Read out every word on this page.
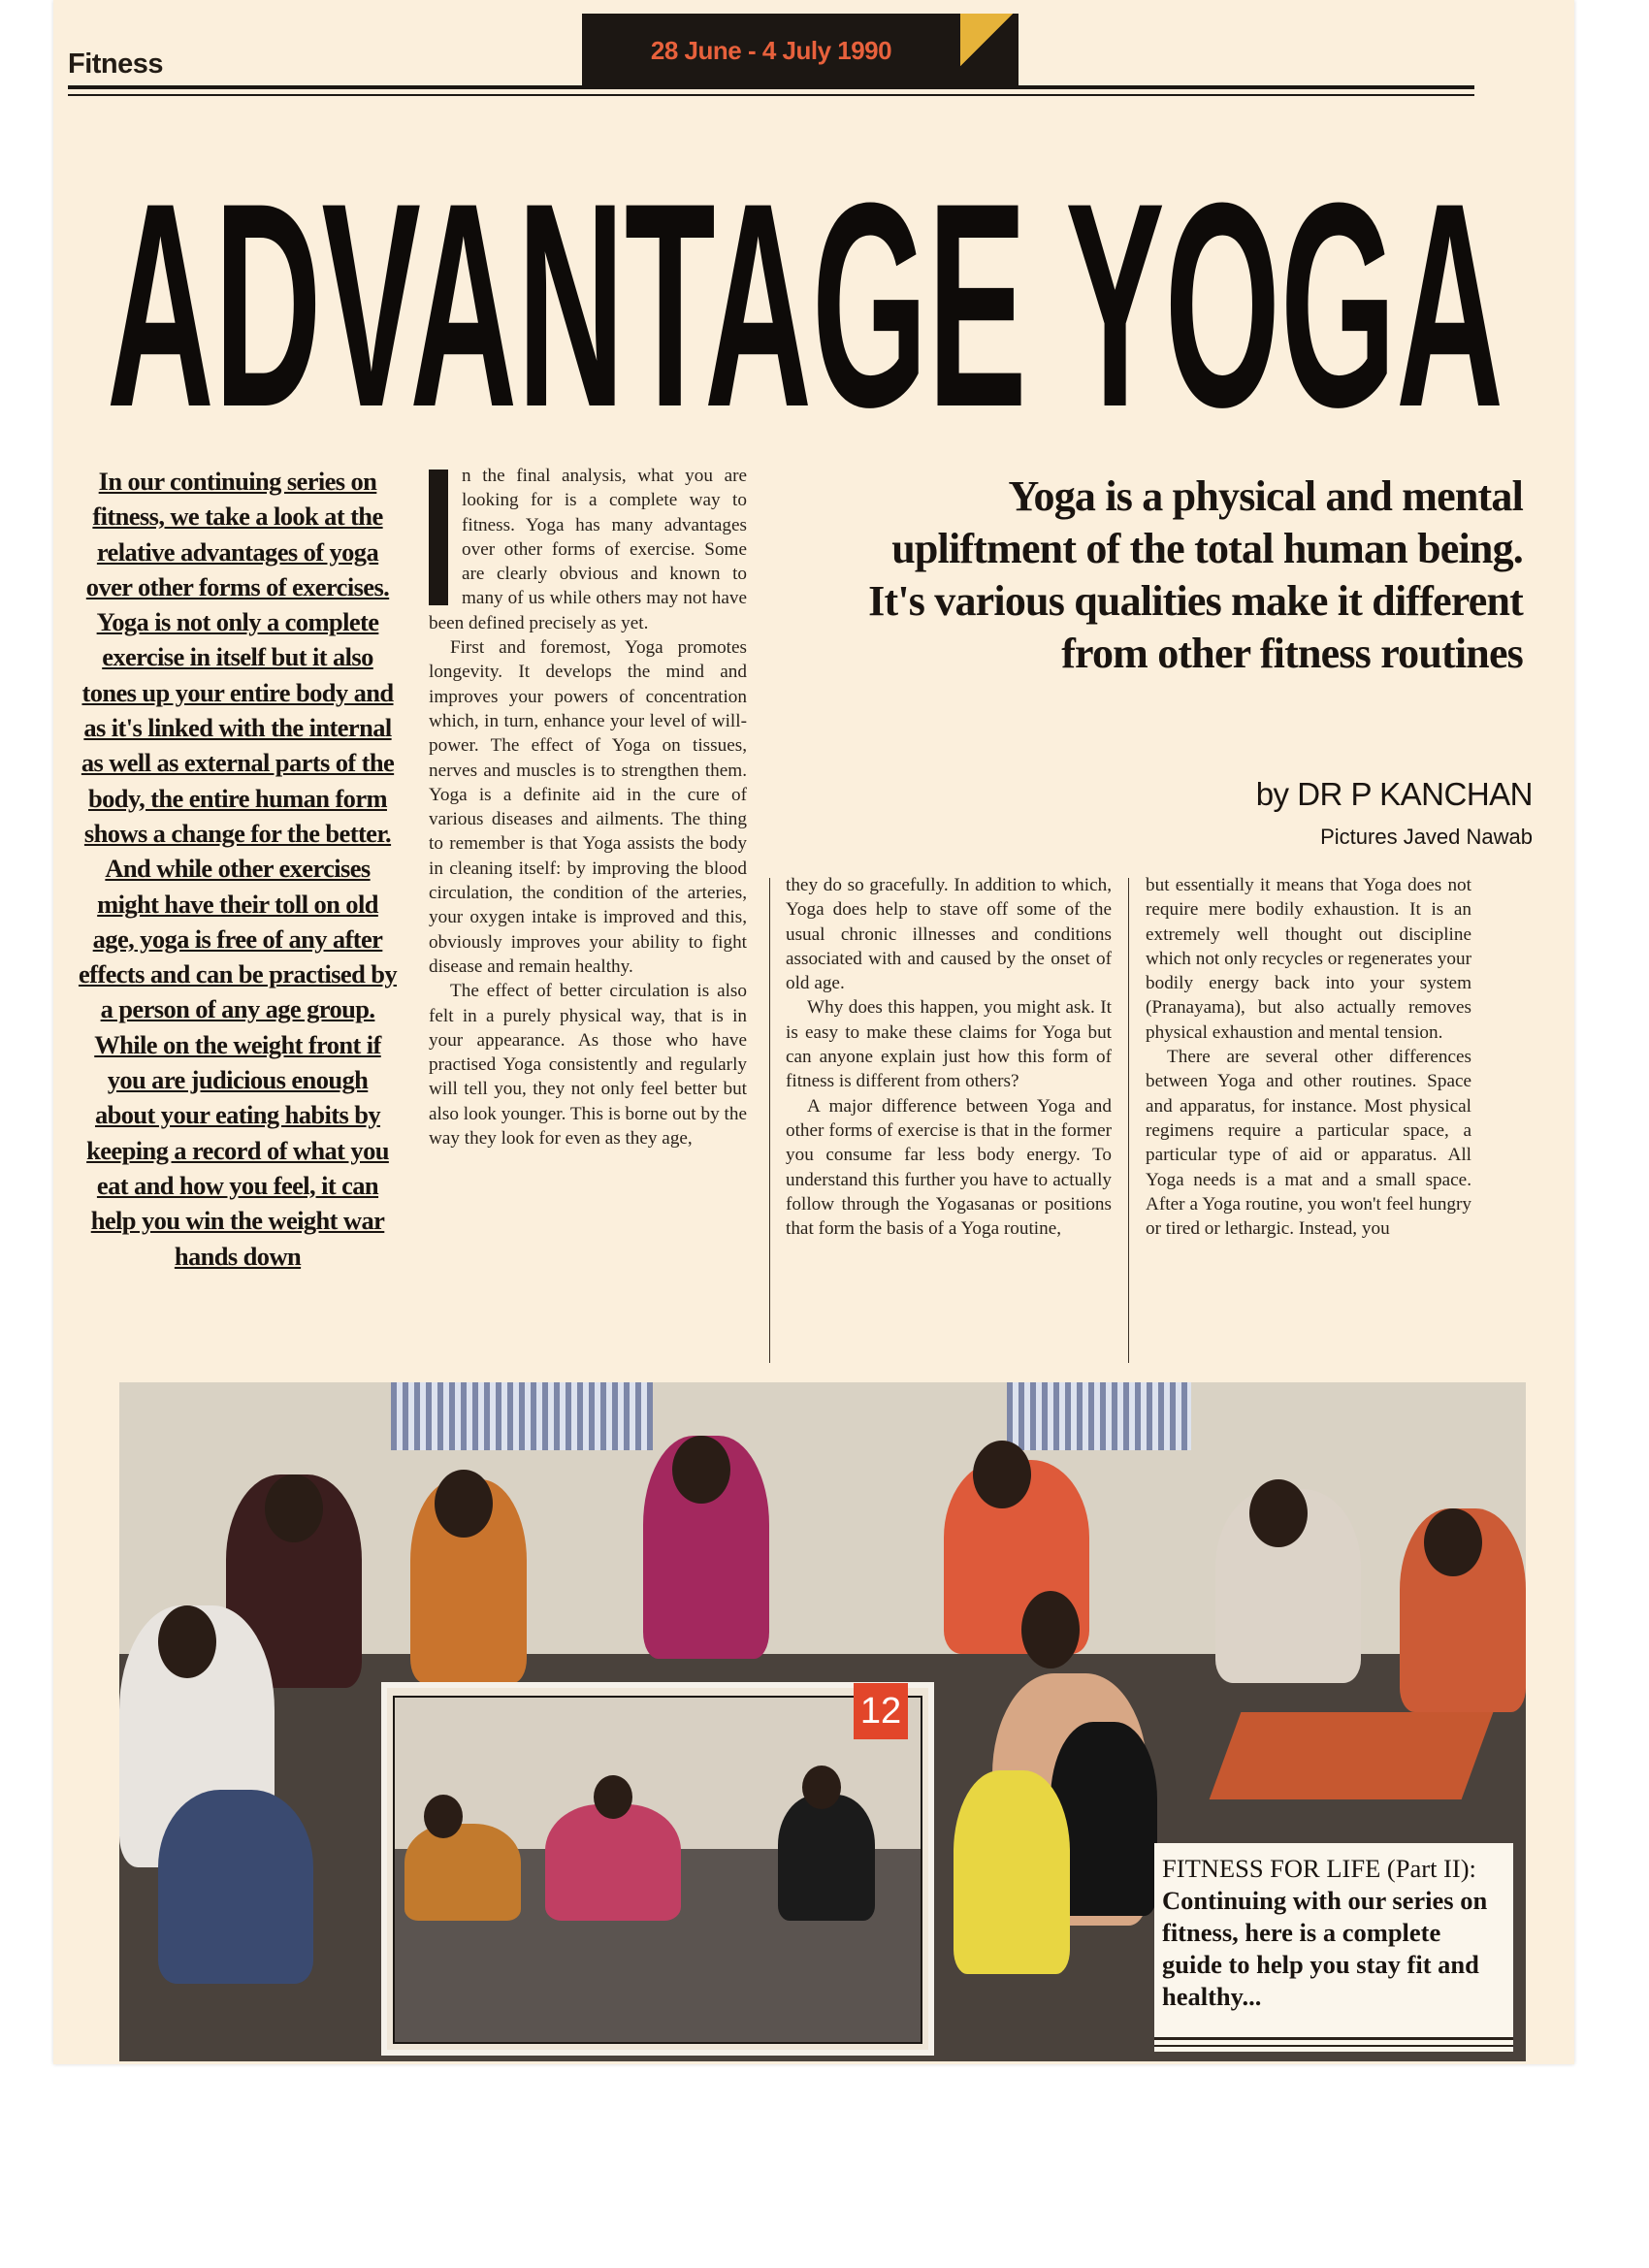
Fitness	28 June - 4 July 1990
ADVANTAGE YOGA
In our continuing series on fitness, we take a look at the relative advantages of yoga over other forms of exercises. Yoga is not only a complete exercise in itself but it also tones up your entire body and as it's linked with the internal as well as external parts of the body, the entire human form shows a change for the better. And while other exercises might have their toll on old age, yoga is free of any after effects and can be practised by a person of any age group. While on the weight front if you are judicious enough about your eating habits by keeping a record of what you eat and how you feel, it can help you win the weight war hands down
I	n the final analysis, what you are looking for is a complete way to fitness. Yoga has many advantages over other forms of exercise. Some are clearly obvious and known to many of us while others may not have been defined precisely as yet.

First and foremost, Yoga promotes longevity. It develops the mind and improves your powers of concentration which, in turn, enhance your level of will-power. The effect of Yoga on tissues, nerves and muscles is to strengthen them. Yoga is a definite aid in the cure of various diseases and ailments. The thing to remember is that Yoga assists the body in cleaning itself: by improving the blood circulation, the condition of the arteries, your oxygen intake is improved and this, obviously improves your ability to fight disease and remain healthy.

The effect of better circulation is also felt in a purely physical way, that is in your appearance. As those who have practised Yoga consistently and regularly will tell you, they not only feel better but also look younger. This is borne out by the way they look for even as they age,

they do so gracefully. In addition to which, Yoga does help to stave off some of the usual chronic illnesses and conditions associated with and caused by the onset of old age.

Why does this happen, you might ask. It is easy to make these claims for Yoga but can anyone explain just how this form of fitness is different from others?

A major difference between Yoga and other forms of exercise is that in the former you consume far less body energy. To understand this further you have to actually follow through the Yogasanas or positions that form the basis of a Yoga routine,

but essentially it means that Yoga does not require mere bodily exhaustion. It is an extremely well thought out discipline which not only recycles or regenerates your bodily energy back into your system (Pranayama), but also actually removes physical exhaustion and mental tension.

There are several other differences between Yoga and other routines. Space and apparatus, for instance. Most physical regimens require a particular space, a particular type of aid or apparatus. All Yoga needs is a mat and a small space. After a Yoga routine, you won't feel hungry or tired or lethargic. Instead, you

Yoga is a physical and mental upliftment of the total human being. It's various qualities make it different from other fitness routines
by DR P KANCHAN
Pictures Javed Nawab
12
FITNESS FOR LIFE (Part II):
Continuing with our series on fitness, here is a complete guide to help you stay fit and healthy...
